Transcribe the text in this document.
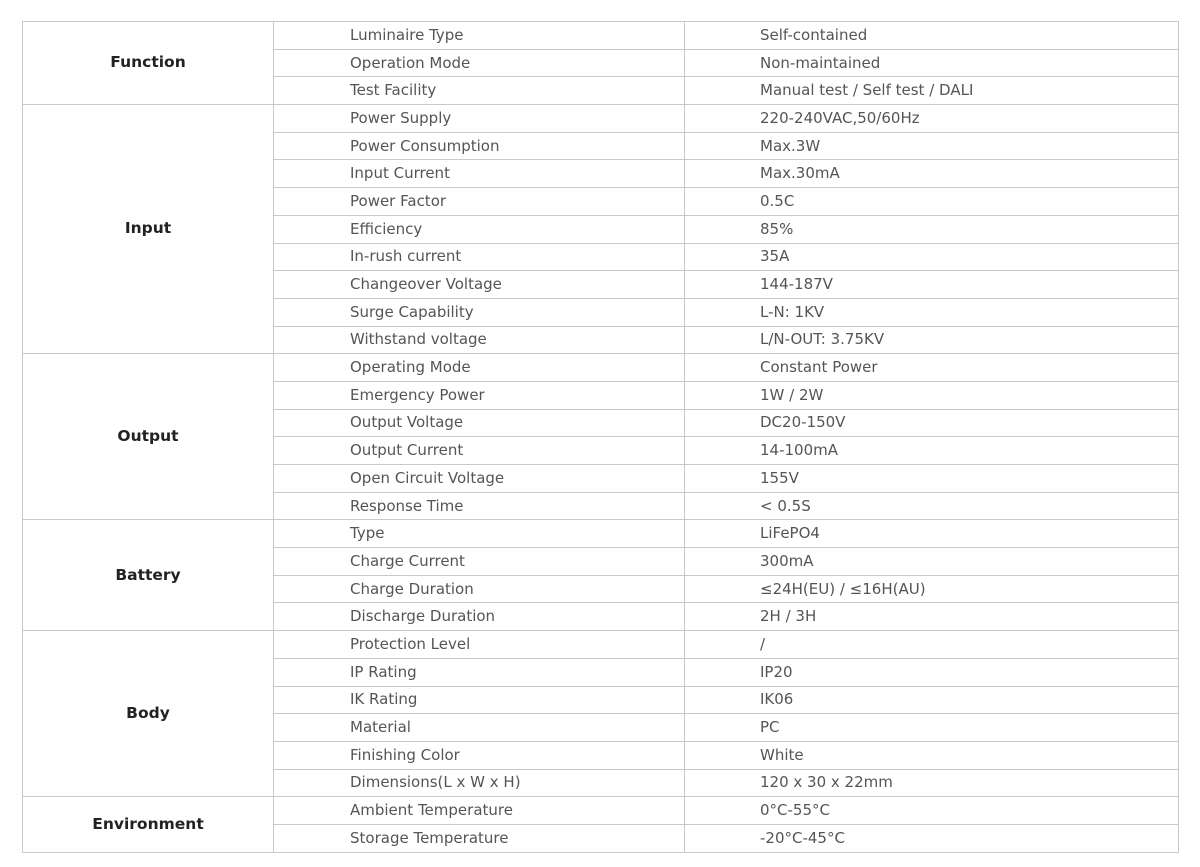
Function	Luminaire Type	Self-contained
	Operation Mode	Non-maintained
	Test Facility	Manual test / Self test / DALI
Input	Power Supply	220-240VAC,50/60Hz
	Power Consumption	Max.3W
	Input Current	Max.30mA
	Power Factor	0.5C
	Efficiency	85%
	In-rush current	35A
	Changeover Voltage	144-187V
	Surge Capability	L-N: 1KV
	Withstand voltage	L/N-OUT: 3.75KV
Output	Operating Mode	Constant Power
	Emergency Power	1W / 2W
	Output Voltage	DC20-150V
	Output Current	14-100mA
	Open Circuit Voltage	155V
	Response Time	< 0.5S
Battery	Type	LiFePO4
	Charge Current	300mA
	Charge Duration	≤24H(EU) / ≤16H(AU)
	Discharge Duration	2H / 3H
Body	Protection Level	/
	IP Rating	IP20
	IK Rating	IK06
	Material	PC
	Finishing Color	White
	Dimensions(L x W x H)	120 x 30 x 22mm
Environment	Ambient Temperature	0°C-55°C
	Storage Temperature	-20°C-45°C
